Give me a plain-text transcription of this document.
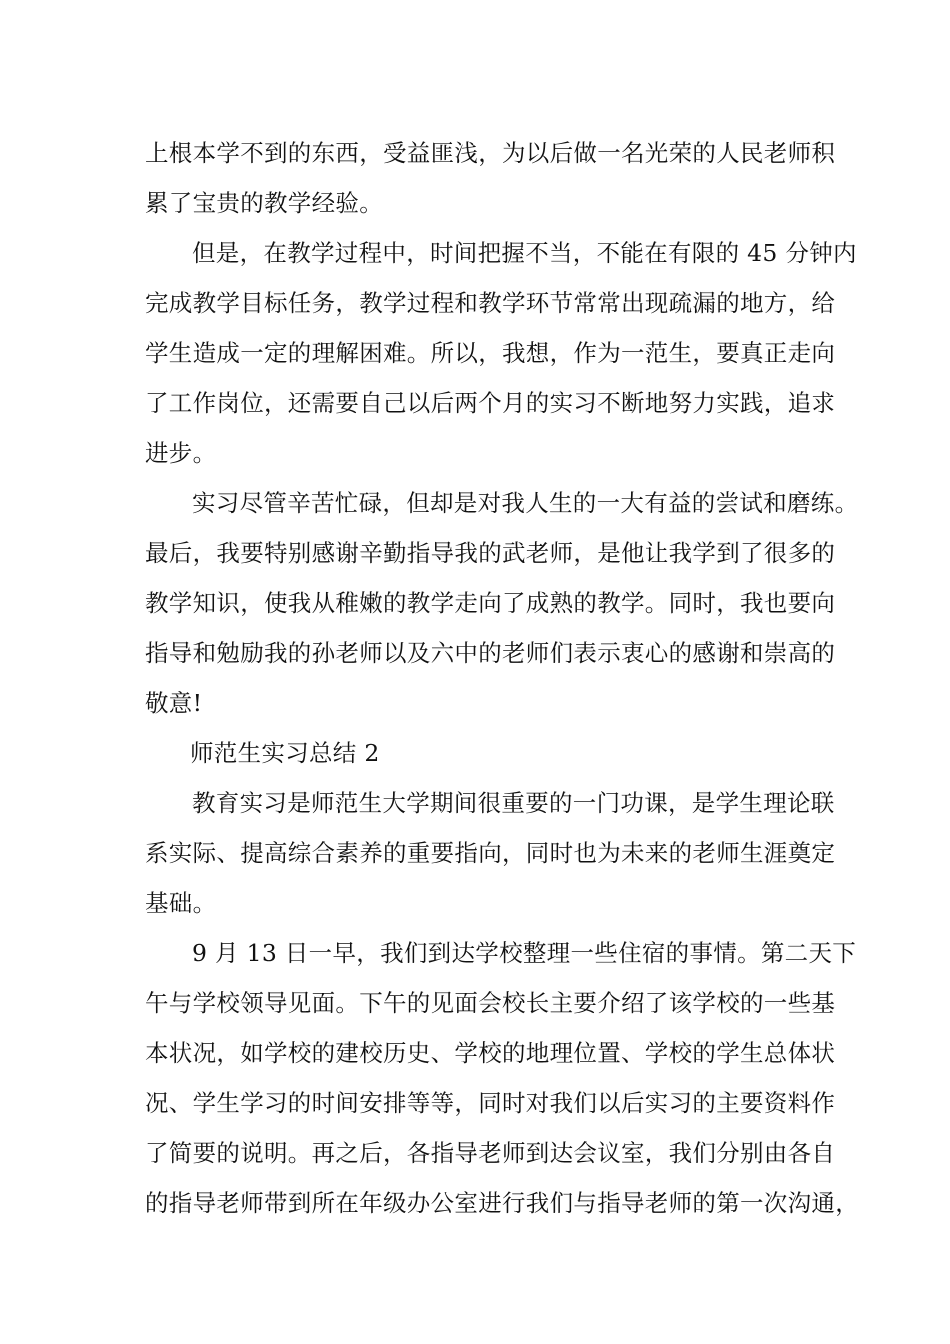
上根本学不到的东西，受益匪浅，为以后做一名光荣的人民老师积
累了宝贵的教学经验。
但是，在教学过程中，时间把握不当，不能在有限的 45 分钟内
完成教学目标任务，教学过程和教学环节常常出现疏漏的地方，给
学生造成一定的理解困难。所以，我想，作为一范生，要真正走向
了工作岗位，还需要自己以后两个月的实习不断地努力实践，追求
进步。
实习尽管辛苦忙碌，但却是对我人生的一大有益的尝试和磨练。
最后，我要特别感谢辛勤指导我的武老师，是他让我学到了很多的
教学知识，使我从稚嫩的教学走向了成熟的教学。同时，我也要向
指导和勉励我的孙老师以及六中的老师们表示衷心的感谢和崇高的
敬意!
师范生实习总结 2
教育实习是师范生大学期间很重要的一门功课，是学生理论联
系实际、提高综合素养的重要指向，同时也为未来的老师生涯奠定
基础。
9 月 13 日一早，我们到达学校整理一些住宿的事情。第二天下
午与学校领导见面。下午的见面会校长主要介绍了该学校的一些基
本状况，如学校的建校历史、学校的地理位置、学校的学生总体状
况、学生学习的时间安排等等，同时对我们以后实习的主要资料作
了简要的说明。再之后，各指导老师到达会议室，我们分别由各自
的指导老师带到所在年级办公室进行我们与指导老师的第一次沟通，
